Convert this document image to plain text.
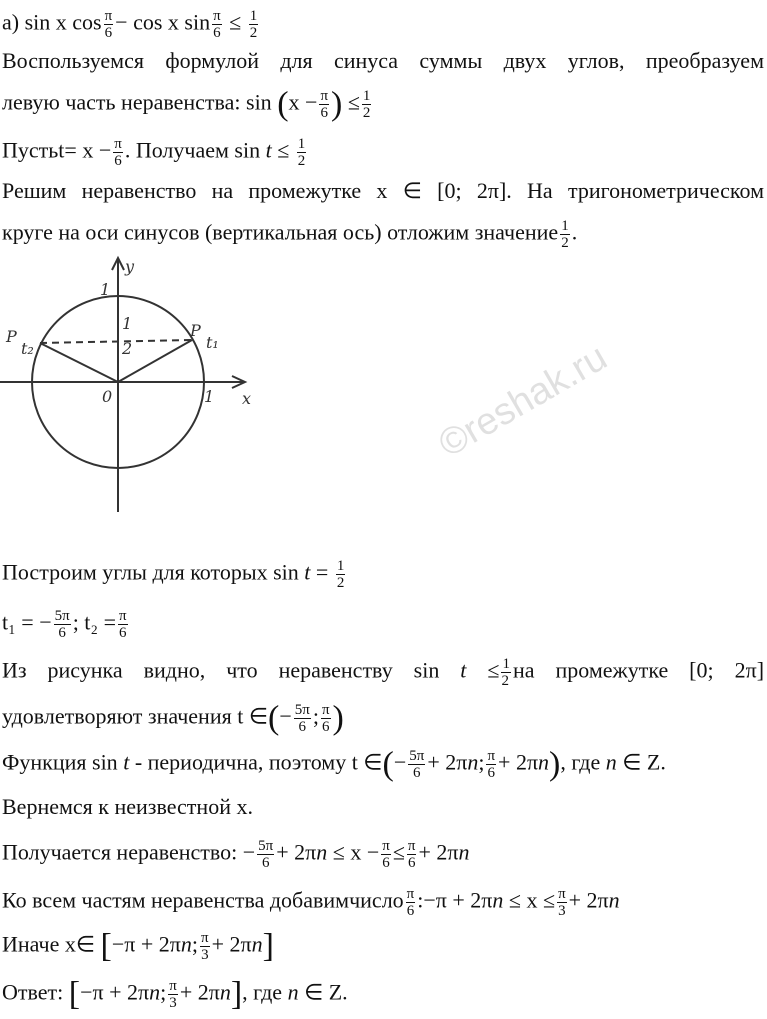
а) sin x $\cos \frac{\pi}{6} - \cos x$ $\sin \frac{\pi}{6} \le \frac{1}{2}$
Воспользуемся формулой для синуса суммы двух углов, преобразуем
левую часть неравенства: $\sin (x - \frac{\pi}{6}$ ) ≤ $\frac{1}{2}$
Пустьt= $x - \frac{\pi}{6}$ . Получаем $\sin t \le \frac{1}{2}$
Решим неравенство на промежутке x ∈ [0; 2π]. На тригонометрическом
круге на оси синусов (вертикальная ось) отложим значение $\frac{1}{2}$ .
y
1
1
2
P
t₁
P
t₂
0	1 x
Построим углы для которых $\sin t = \frac{1}{2}$
t₁ = − $\frac{5\pi}{6}$ ; $t_2 = \frac{\pi}{6}$
Из рисунка видно, что неравенству $\sin t \le \frac{1}{2}$ на промежутке [0; 2π]
удовлетворяют значения t ∈(− $\frac{5\pi}{6}$ ; $\frac{\pi}{6}$ )
Функция sin t - периодична, поэтому t ∈(− $\frac{5\pi}{6} + 2\pi n$; $\frac{\pi}{6} + 2\pi n$), где n ∈ Z.
Вернемся к неизвестной x.
Получается неравенство: − $\frac{5\pi}{6} + 2\pi n \le x - \frac{\pi}{6} \le \frac{\pi}{6} + 2\pi n$
Ко всем частям неравенства добавимчисло $\frac{\pi}{6}$ :−π + $2\pi n \le x \le \frac{\pi}{3} + 2\pi n$
Иначе x∈ [−π + 2πn; $\frac{\pi}{3} + 2\pi n$]
Ответ: [−π + 2πn; $\frac{\pi}{3} + 2\pi n$], где n ∈ Z.
©reshak.ru
